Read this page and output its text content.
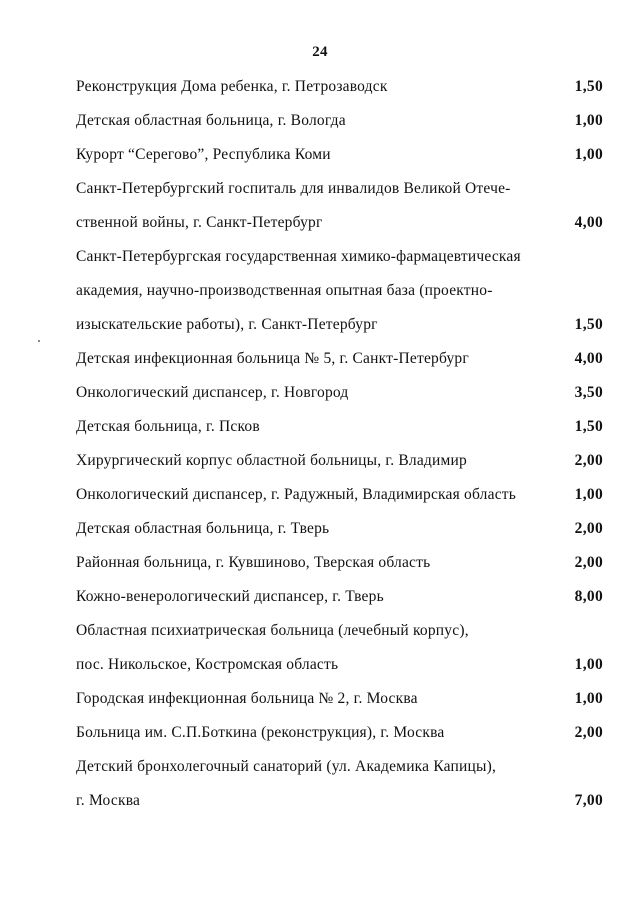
24
Реконструкция Дома ребенка, г. Петрозаводск	1,50
Детская областная больница, г. Вологда	1,00
Курорт “Серегово”, Республика Коми	1,00
Санкт-Петербургский госпиталь для инвалидов Великой Отече-
ственной войны, г. Санкт-Петербург	4,00
Санкт-Петербургская государственная химико-фармацевтическая
академия, научно-производственная опытная база (проектно-
изыскательские работы), г. Санкт-Петербург	1,50
Детская инфекционная больница № 5, г. Санкт-Петербург	4,00
Онкологический диспансер, г. Новгород	3,50
Детская больница, г. Псков	1,50
Хирургический корпус областной больницы, г. Владимир	2,00
Онкологический диспансер, г. Радужный, Владимирская область	1,00
Детская областная больница, г. Тверь	2,00
Районная больница, г. Кувшиново, Тверская область	2,00
Кожно-венерологический диспансер, г. Тверь	8,00
Областная психиатрическая больница (лечебный корпус),
пос. Никольское, Костромская область	1,00
Городская инфекционная больница № 2, г. Москва	1,00
Больница им. С.П.Боткина (реконструкция), г. Москва	2,00
Детский бронхолегочный санаторий (ул. Академика Капицы),
г. Москва	7,00
